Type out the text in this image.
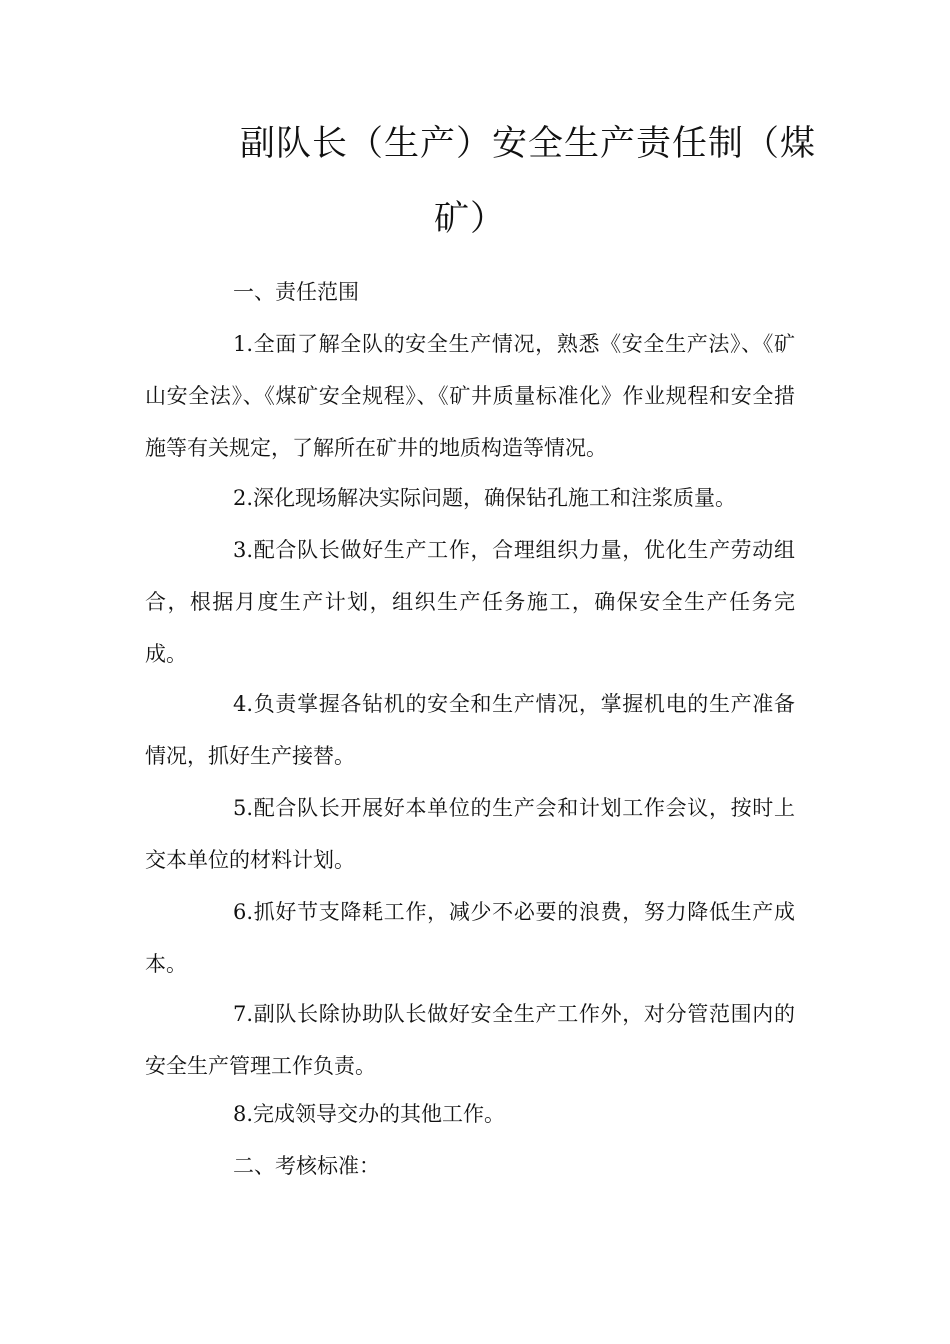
副队长（生产）安全生产责任制（煤
矿）

一、责任范围

1.全面了解全队的安全生产情况，熟悉《安全生产法》、《矿山安全法》、《煤矿安全规程》、《矿井质量标准化》作业规程和安全措施等有关规定，了解所在矿井的地质构造等情况。

2.深化现场解决实际问题，确保钻孔施工和注浆质量。

3.配合队长做好生产工作，合理组织力量，优化生产劳动组合，根据月度生产计划，组织生产任务施工，确保安全生产任务完成。

4.负责掌握各钻机的安全和生产情况，掌握机电的生产准备情况，抓好生产接替。

5.配合队长开展好本单位的生产会和计划工作会议，按时上交本单位的材料计划。

6.抓好节支降耗工作，减少不必要的浪费，努力降低生产成本。

7.副队长除协助队长做好安全生产工作外，对分管范围内的安全生产管理工作负责。

8.完成领导交办的其他工作。

二、考核标准：
